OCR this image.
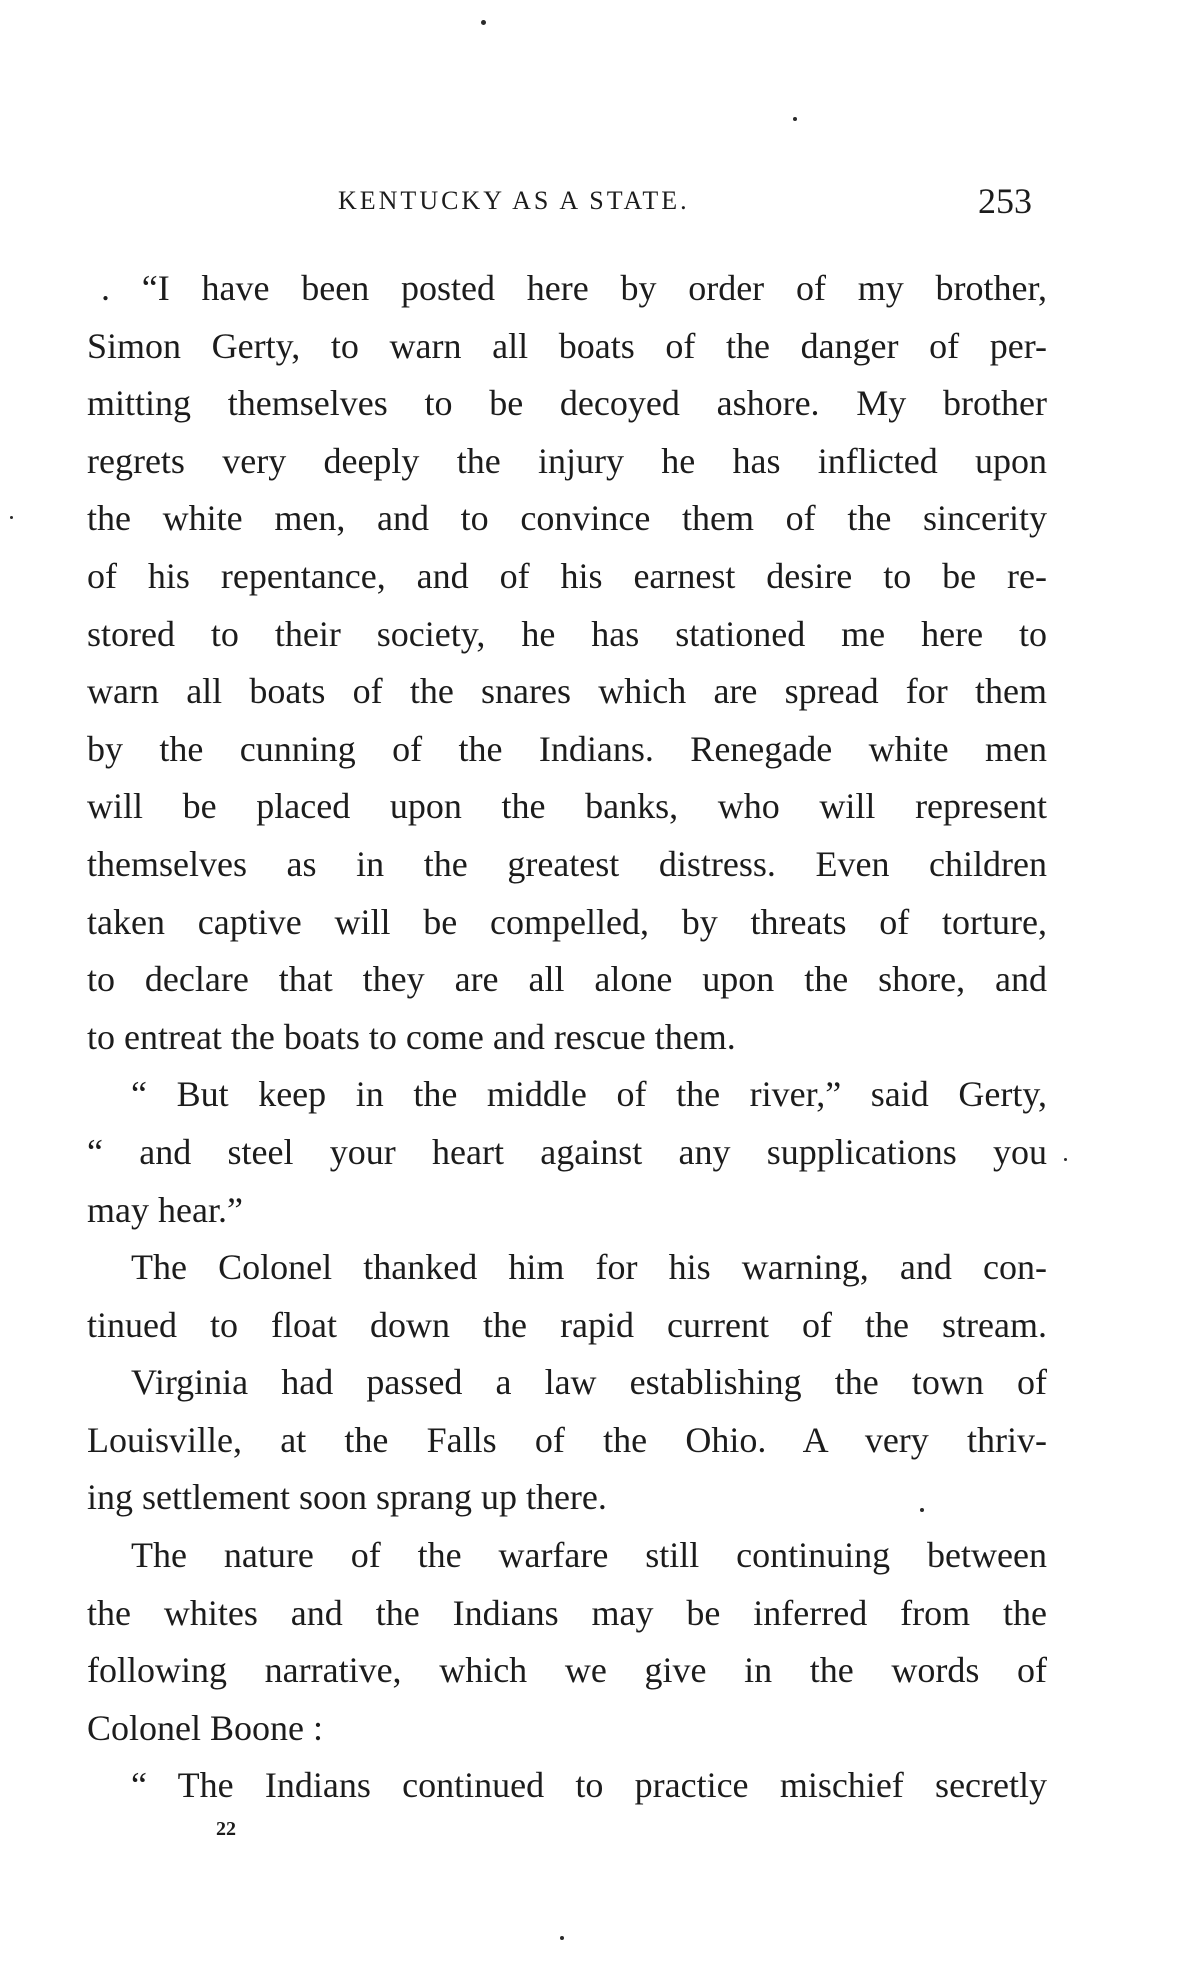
KENTUCKY AS A STATE.	253
. “I have been posted here by order of my brother,
Simon Gerty, to warn all boats of the danger of per-
mitting themselves to be decoyed ashore. My brother
regrets very deeply the injury he has inflicted upon
the white men, and to convince them of the sincerity
of his repentance, and of his earnest desire to be re-
stored to their society, he has stationed me here to
warn all boats of the snares which are spread for them
by the cunning of the Indians. Renegade white men
will be placed upon the banks, who will represent
themselves as in the greatest distress. Even children
taken captive will be compelled, by threats of torture,
to declare that they are all alone upon the shore, and
to entreat the boats to come and rescue them.
“ But keep in the middle of the river,” said Gerty,
“ and steel your heart against any supplications you
may hear.”
The Colonel thanked him for his warning, and con-
tinued to float down the rapid current of the stream.
Virginia had passed a law establishing the town of
Louisville, at the Falls of the Ohio. A very thriv-
ing settlement soon sprang up there.
The nature of the warfare still continuing between
the whites and the Indians may be inferred from the
following narrative, which we give in the words of
Colonel Boone :
“ The Indians continued to practice mischief secretly
22
